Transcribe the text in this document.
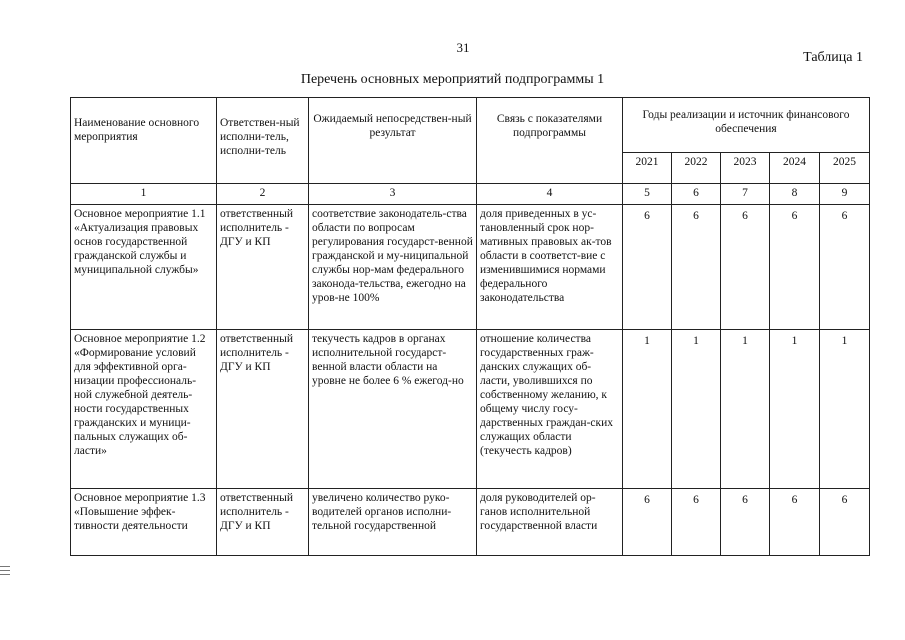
31
Таблица 1
Перечень основных мероприятий подпрограммы 1
Наименование основного мероприятия	Ответствен-ный исполни-тель, исполни-тель	Ожидаемый непосредствен-ный результат	Связь с показателями подпрограммы	Годы реализации и источник финансового обеспечения				
				2021	2022	2023	2024	2025
1	2	3	4	5	6	7	8	9
Основное мероприятие 1.1 «Актуализация правовых основ государственной гражданской службы и муниципальной службы»	ответственный исполнитель - ДГУ и КП	соответствие законодатель-ства области по вопросам регулирования государст-венной гражданской и му-ниципальной службы нор-мам федерального законода-тельства, ежегодно на уров-не 100%	доля приведенных в ус-тановленный срок нор-мативных правовых ак-тов области в соответст-вие с изменившимися нормами федерального законодательства	6	6	6	6	6
Основное мероприятие 1.2 «Формирование условий для эффективной орга-низации профессиональ-ной служебной деятель-ности государственных гражданских и муници-пальных служащих об-ласти»	ответственный исполнитель - ДГУ и КП	текучесть кадров в органах исполнительной государст-венной власти области на уровне не более 6 % ежегод-но	отношение количества государственных граж-данских служащих об-ласти, уволившихся по собственному желанию, к общему числу госу-дарственных граждан-ских служащих области (текучесть кадров)	1	1	1	1	1
Основное мероприятие 1.3 «Повышение эффек-тивности деятельности	ответственный исполнитель - ДГУ и КП	увеличено количество руко-водителей органов исполни-тельной государственной	доля руководителей ор-ганов исполнительной государственной власти	6	6	6	6	6
